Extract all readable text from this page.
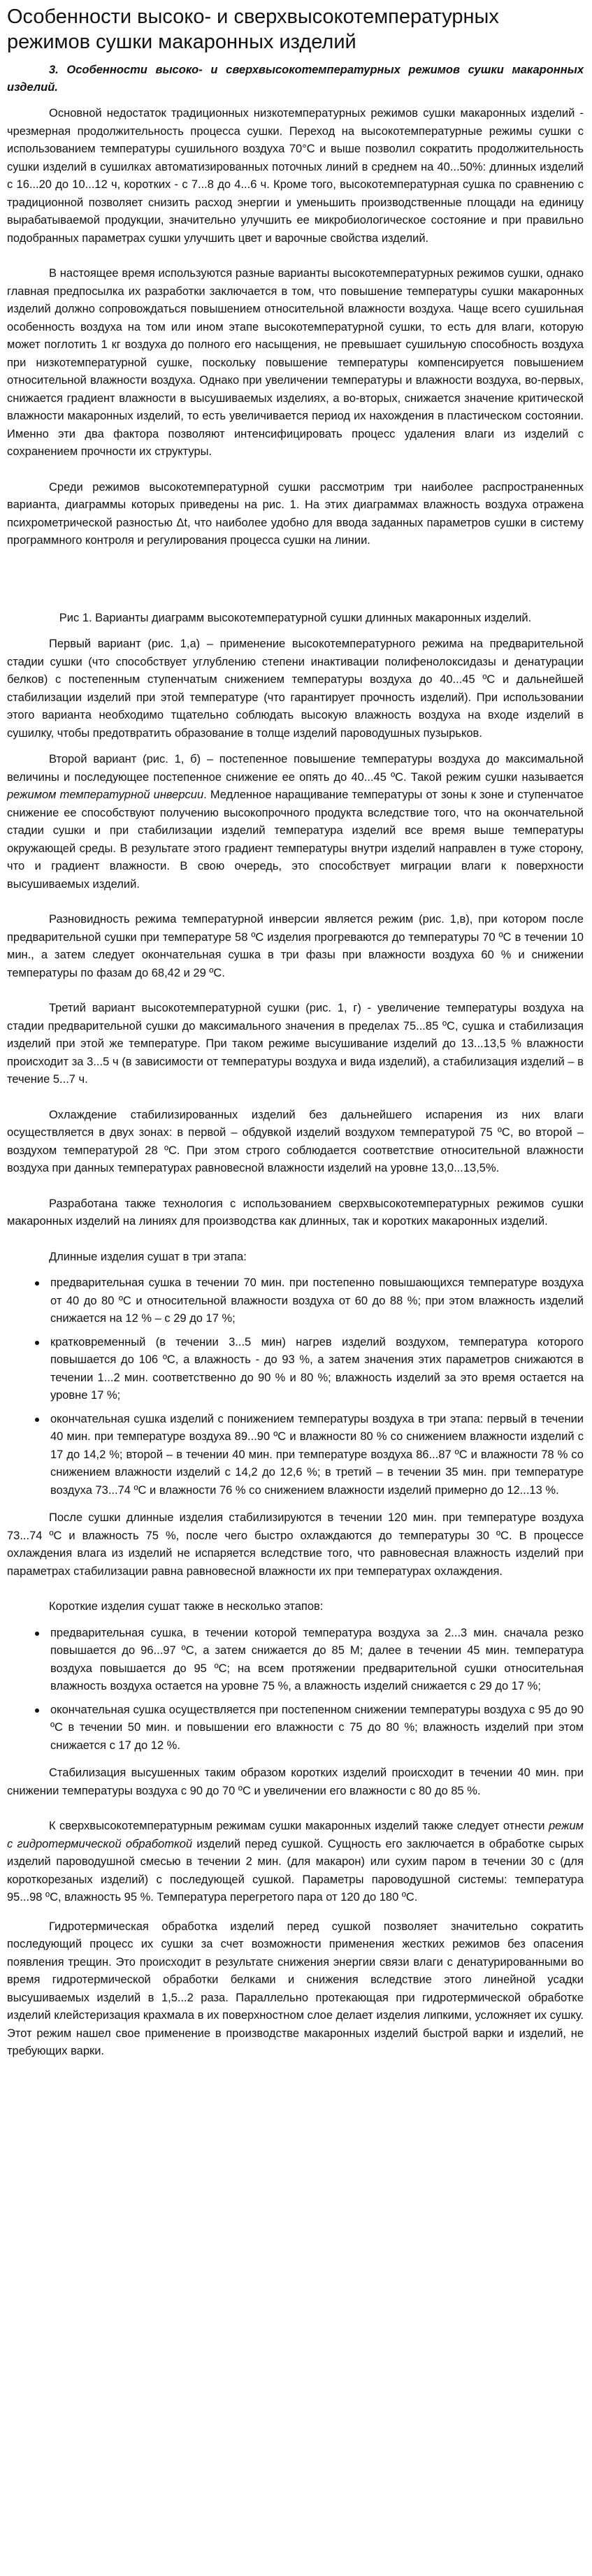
Особенности высоко- и сверхвысокотемпературных режимов сушки макаронных изделий

3. Особенности высоко- и сверхвысокотемпературных режимов сушки макаронных изделий.

Основной недостаток традиционных низкотемпературных режимов сушки макаронных изделий - чрезмерная продолжительность процесса сушки. Переход на высокотемпературные режимы сушки с использованием температуры сушильного воздуха 70°С и выше позволил сократить продолжительность сушки изделий в сушилках автоматизированных поточных линий в среднем на 40...50%: длинных изделий с 16...20 до 10...12 ч, коротких - с 7...8 до 4...6 ч. Кроме того, высокотемпературная сушка по сравнению с традиционной позволяет снизить расход энергии и уменьшить производственные площади на единицу вырабатываемой продукции, значительно улучшить ее микробиологическое состояние и при правильно подобранных параметрах сушки улучшить цвет и варочные свойства изделий.

В настоящее время используются разные варианты высокотемпературных режимов сушки, однако главная предпосылка их разработки заключается в том, что повышение температуры сушки макаронных изделий должно сопровождаться повышением относительной влажности воздуха. Чаще всего сушильная особенность воздуха на том или ином этапе высокотемпературной сушки, то есть для влаги, которую может поглотить 1 кг воздуха до полного его насыщения, не превышает сушильную способность воздуха при низкотемпературной сушке, поскольку повышение температуры компенсируется повышением относительной влажности воздуха. Однако при увеличении температуры и влажности воздуха, во-первых, снижается градиент влажности в высушиваемых изделиях, а во-вторых, снижается значение критической влажности макаронных изделий, то есть увеличивается период их нахождения в пластическом состоянии. Именно эти два фактора позволяют интенсифицировать процесс удаления влаги из изделий с сохранением прочности их структуры.

Среди режимов высокотемпературной сушки рассмотрим три наиболее распространенных варианта, диаграммы которых приведены на рис. 1. На этих диаграммах влажность воздуха отражена психрометрической разностью Δt, что наиболее удобно для ввода заданных параметров сушки в систему программного контроля и регулирования процесса сушки на линии.

Рис 1. Варианты диаграмм высокотемпературной сушки длинных макаронных изделий.

Первый вариант (рис. 1,а) – применение высокотемпературного режима на предварительной стадии сушки (что способствует углублению степени инактивации полифенолоксидазы и денатурации белков) с постепенным ступенчатым снижением температуры воздуха до 40...45 ºС и дальнейшей стабилизации изделий при этой температуре (что гарантирует прочность изделий). При использовании этого варианта необходимо тщательно соблюдать высокую влажность воздуха на входе изделий в сушилку, чтобы предотвратить образование в толще изделий пароводушных пузырьков.

Второй вариант (рис. 1, б) – постепенное повышение температуры воздуха до максимальной величины и последующее постепенное снижение ее опять до 40...45 ºС. Такой режим сушки называется режимом температурной инверсии. Медленное наращивание температуры от зоны к зоне и ступенчатое снижение ее способствуют получению высокопрочного продукта вследствие того, что на окончательной стадии сушки и при стабилизации изделий температура изделий все время выше температуры окружающей среды. В результате этого градиент температуры внутри изделий направлен в туже сторону, что и градиент влажности. В свою очередь, это способствует миграции влаги к поверхности высушиваемых изделий.

Разновидность режима температурной инверсии является режим (рис. 1,в), при котором после предварительной сушки при температуре 58 ºС изделия прогреваются до температуры 70 ºС в течении 10 мин., а затем следует окончательная сушка в три фазы при влажности воздуха 60 % и снижении температуры по фазам до 68,42 и 29 ºС.

Третий вариант высокотемпературной сушки (рис. 1, г) - увеличение температуры воздуха на стадии предварительной сушки до максимального значения в пределах 75...85 ºС, сушка и стабилизация изделий при этой же температуре. При таком режиме высушивание изделий до 13...13,5 % влажности происходит за 3...5 ч (в зависимости от температуры воздуха и вида изделий), а стабилизация изделий – в течение 5...7 ч.

Охлаждение стабилизированных изделий без дальнейшего испарения из них влаги осуществляется в двух зонах: в первой – обдувкой изделий воздухом температурой 75 ºС, во второй – воздухом температурой 28 ºС. При этом строго соблюдается соответствие относительной влажности воздуха при данных температурах равновесной влажности изделий на уровне 13,0...13,5%.

Разработана также технология с использованием сверхвысокотемпературных режимов сушки макаронных изделий на линиях для производства как длинных, так и коротких макаронных изделий.

Длинные изделия сушат в три этапа:

предварительная сушка в течении 70 мин. при постепенно повышающихся температуре воздуха от 40 до 80 ºС и относительной влажности воздуха от 60 до 88 %; при этом влажность изделий снижается на 12 % – с 29 до 17 %;
кратковременный (в течении 3...5 мин) нагрев изделий воздухом, температура которого повышается до 106 ºС, а влажность - до 93 %, а затем значения этих параметров снижаются в течении 1...2 мин. соответственно до 90 % и 80 %; влажность изделий за это время остается на уровне 17 %;
окончательная сушка изделий с понижением температуры воздуха в три этапа: первый в течении 40 мин. при температуре воздуха 89...90 ºС и влажности 80 % со снижением влажности изделий с 17 до 14,2 %; второй – в течении 40 мин. при температуре воздуха 86...87 ºС и влажности 78 % со снижением влажности изделий с 14,2 до 12,6 %; в третий – в течении 35 мин. при температуре воздуха 73...74 ºС и влажности 76 % со снижением влажности изделий примерно до 12...13 %.

После сушки длинные изделия стабилизируются в течении 120 мин. при температуре воздуха 73...74 ºС и влажность 75 %, после чего быстро охлаждаются до температуры 30 ºС. В процессе охлаждения влага из изделий не испаряется вследствие того, что равновесная влажность изделий при параметрах стабилизации равна равновесной влажности их при температурах охлаждения.

Короткие изделия сушат также в несколько этапов:

предварительная сушка, в течении которой температура воздуха за 2...3 мин. сначала резко повышается до 96...97 ºС, а затем снижается до 85 М; далее в течении 45 мин. температура воздуха повышается до 95 ºС; на всем протяжении предварительной сушки относительная влажность воздуха остается на уровне 75 %, а влажность изделий снижается с 29 до 17 %;
окончательная сушка осуществляется при постепенном снижении температуры воздуха с 95 до 90 ºС в течении 50 мин. и повышении его влажности с 75 до 80 %; влажность изделий при этом снижается с 17 до 12 %.

Стабилизация высушенных таким образом коротких изделий происходит в течении 40 мин. при снижении температуры воздуха с 90 до 70 ºС и увеличении его влажности с 80 до 85 %.

К сверхвысокотемпературным режимам сушки макаронных изделий также следует отнести режим с гидротермической обработкой изделий перед сушкой. Сущность его заключается в обработке сырых изделий пароводушной смесью в течении 2 мин. (для макарон) или сухим паром в течении 30 с (для короткорезаных изделий) с последующей сушкой. Параметры пароводушной системы: температура 95...98 ºС, влажность 95 %. Температура перегретого пара от 120 до 180 ºС.

Гидротермическая обработка изделий перед сушкой позволяет значительно сократить последующий процесс их сушки за счет возможности применения жестких режимов без опасения появления трещин. Это происходит в результате снижения энергии связи влаги с денатурированными во время гидротермической обработки белками и снижения вследствие этого линейной усадки высушиваемых изделий в 1,5...2 раза. Параллельно протекающая при гидротермической обработке изделий клейстеризация крахмала в их поверхностном слое делает изделия липкими, усложняет их сушку. Этот режим нашел свое применение в производстве макаронных изделий быстрой варки и изделий, не требующих варки.
